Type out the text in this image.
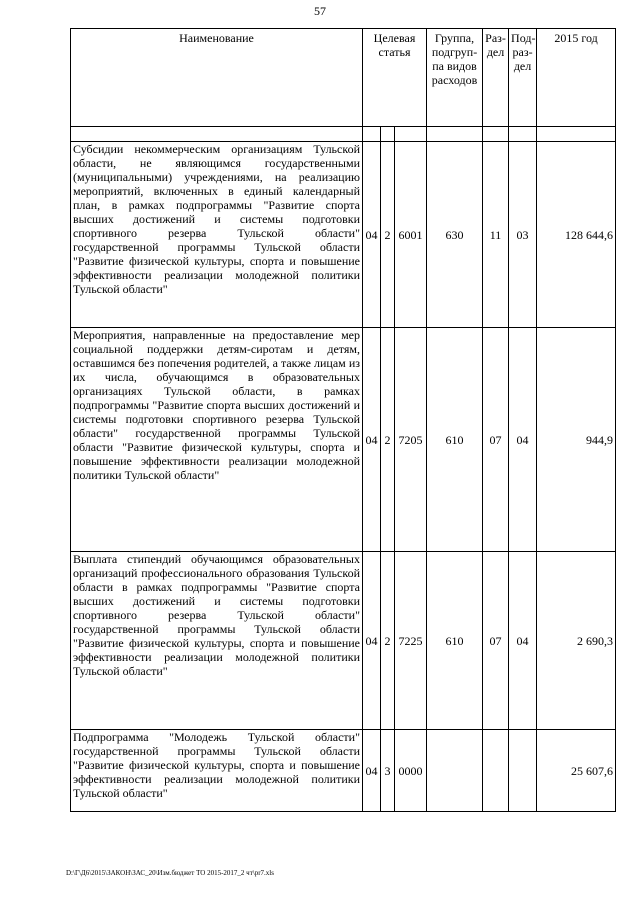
57
Наименование	Целевая статья			Группа, подгруп-па видов расходов	Раз-дел	Под-раз-дел	2015 год

Субсидии некоммерческим организациям Тульской области, не являющимся государственными (муниципальными) учреждениями, на реализацию мероприятий, включенных в единый календарный план, в рамках подпрограммы "Развитие спорта высших достижений и системы подготовки спортивного резерва Тульской области" государственной программы Тульской области "Развитие физической культуры, спорта и повышение эффективности реализации молодежной политики Тульской области"	04	2	6001	630	11	03	128 644,6
Мероприятия, направленные на предоставление мер социальной поддержки детям-сиротам и детям, оставшимся без попечения родителей, а также лицам из их числа, обучающимся в образовательных организациях Тульской области, в рамках подпрограммы "Развитие спорта высших достижений и системы подготовки спортивного резерва Тульской области" государственной программы Тульской области "Развитие физической культуры, спорта и повышение эффективности реализации молодежной политики Тульской области"	04	2	7205	610	07	04	944,9
Выплата стипендий обучающимся образовательных организаций профессионального образования Тульской области в рамках подпрограммы "Развитие спорта высших достижений и системы подготовки спортивного резерва Тульской области" государственной программы Тульской области "Развитие физической культуры, спорта и повышение эффективности реализации молодежной политики Тульской области"	04	2	7225	610	07	04	2 690,3
Подпрограмма "Молодежь Тульской области" государственной программы Тульской области "Развитие физической культуры, спорта и повышение эффективности реализации молодежной политики Тульской области"	04	3	0000				25 607,6
D:\Г\Д6\2015\ЗАКОН\ЗАС_20\Изм.бюджет ТО 2015-2017_2 чт\pr7.xls
